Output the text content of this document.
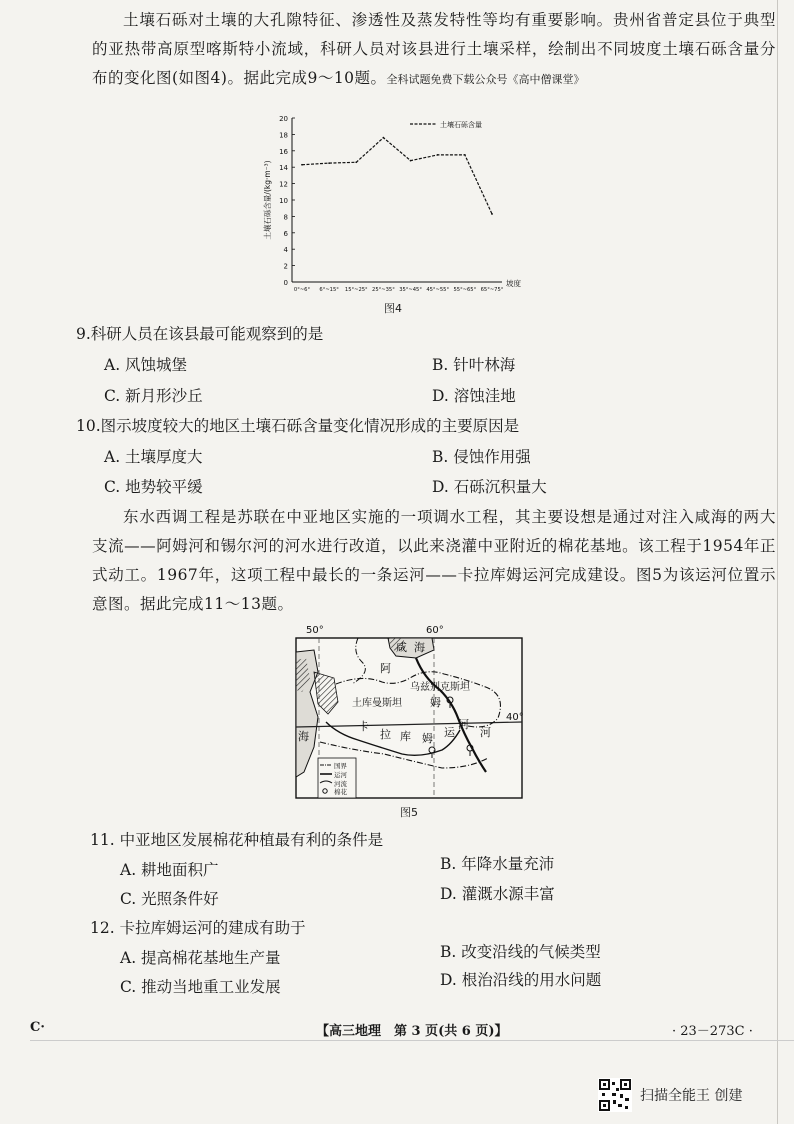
土壤石砾对土壤的大孔隙特征、渗透性及蒸发特性等均有重要影响。贵州省普定县位于典型的亚热带高原型喀斯特小流域，科研人员对该县进行土壤采样，绘制出不同坡度土壤石砾含量分布的变化图(如图4)。据此完成9～10题。全科试题免费下载公众号《高中僧课堂》

0
2
4
6
8
10
12
14
16
18
20
0°~6° 6°~15° 15°~25° 25°~35° 35°~45° 45°~55° 55°~65° 65°~75°
土壤石砾含量/(kg·m⁻³)
坡度
土壤石砾含量
图4

9.科研人员在该县最可能观察到的是

A. 风蚀城堡	B. 针叶林海
C. 新月形沙丘	D. 溶蚀洼地

10.图示坡度较大的地区土壤石砾含量变化情况形成的主要原因是

A. 土壤厚度大	B. 侵蚀作用强
C. 地势较平缓	D. 石砾沉积量大

东水西调工程是苏联在中亚地区实施的一项调水工程，其主要设想是通过对注入咸海的两大支流——阿姆河和锡尔河的河水进行改道，以此来浇灌中亚附近的棉花基地。该工程于1954年正式动工。1967年，这项工程中最长的一条运河——卡拉库姆运河完成建设。图5为该运河位置示意图。据此完成11～13题。

国界
运河
河流
棉花
50°	60°
40°
咸 海
阿
姆
河
乌兹别克斯坦
土库曼斯坦
卡
拉 库 姆 运
河
海
图5

11. 中亚地区发展棉花种植最有利的条件是

A. 耕地面积广	B. 年降水量充沛
C. 光照条件好	D. 灌溉水源丰富

12. 卡拉库姆运河的建成有助于

A. 提高棉花基地生产量	B. 改变沿线的气候类型
C. 推动当地重工业发展	D. 根治沿线的用水问题
C·	【高三地理　第 3 页(共 6 页)】	· 23－273C ·
扫描全能王 创建
